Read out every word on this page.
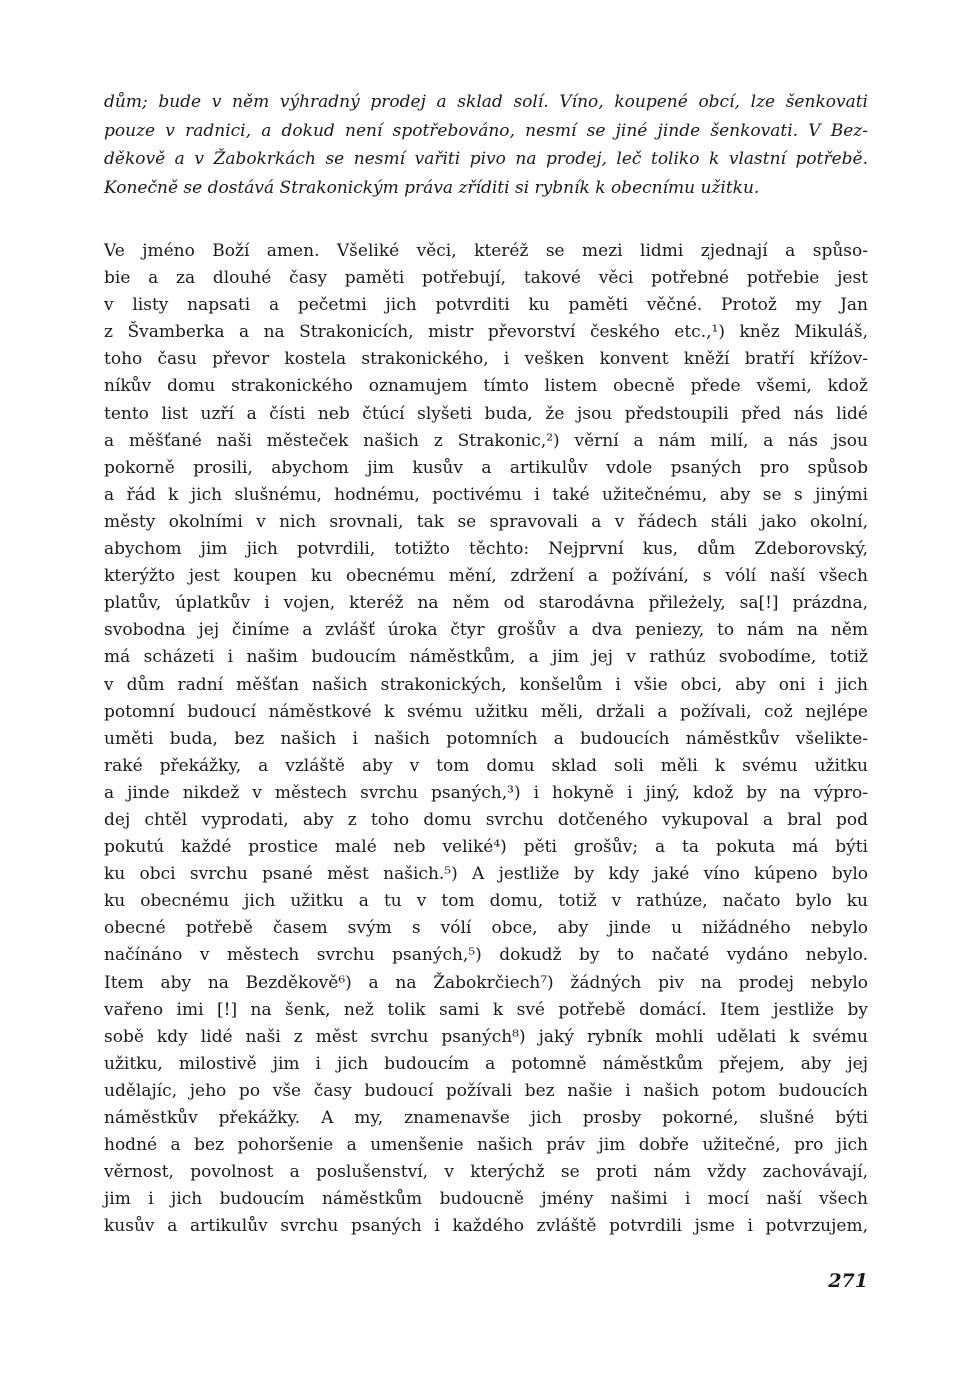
dům; bude v něm výhradný prodej a sklad solí. Víno, koupené obcí, lze šenkovati
pouze v radnici, a dokud není spotřebováno, nesmí se jiné jinde šenkovati. V Bez-
děkově a v Žabokrkách se nesmí vařiti pivo na prodej, leč toliko k vlastní potřebě.
Konečně se dostává Strakonickým práva zříditi si rybník k obecnímu užitku.
Ve jméno Boží amen. Všeliké věci, kteréž se mezi lidmi zjednají a spůso-
bie a za dlouhé časy paměti potřebují, takové věci potřebné potřebie jest
v listy napsati a pečetmi jich potvrditi ku paměti věčné. Protož my Jan
z Švamberka a na Strakonicích, mistr převorství českého etc.,¹) kněz Mikuláš,
toho času převor kostela strakonického, i vešken konvent kněží bratří křížov-
níkův domu strakonického oznamujem tímto listem obecně přede všemi, kdož
tento list uzří a čísti neb čtúcí slyšeti buda, že jsou předstoupili před nás lidé
a měšťané naši městeček našich z Strakonic,²) věrní a nám milí, a nás jsou
pokorně prosili, abychom jim kusův a artikulův vdole psaných pro spůsob
a řád k jich slušnému, hodnému, poctivému i také užitečnému, aby se s jinými
městy okolními v nich srovnali, tak se spravovali a v řádech stáli jako okolní,
abychom jim jich potvrdili, totižto těchto: Nejprvní kus, dům Zdeborovský,
kterýžto jest koupen ku obecnému mění, zdržení a požívání, s vólí naší všech
platův, úplatkův i vojen, kteréž na něm od starodávna přileżely, sa[!] prázdna,
svobodna jej činíme a zvlášť úroka čtyr grošův a dva peniezy, to nám na něm
má scházeti i našim budoucím náměstkům, a jim jej v rathúz svobodíme, totiž
v dům radní měšťan našich strakonických, konšelům i všie obci, aby oni i jich
potomní budoucí náměstkové k svému užitku měli, držali a požívali, což nejlépe
uměti buda, bez našich i našich potomních a budoucích náměstkův všelikte-
raké překážky, a vzláště aby v tom domu sklad soli měli k svému užitku
a jinde nikdež v městech svrchu psaných,³) i hokyně i jiný, kdož by na výpro-
dej chtěl vyprodati, aby z toho domu svrchu dotčeného vykupoval a bral pod
pokutú každé prostice malé neb veliké⁴) pěti grošův; a ta pokuta má býti
ku obci svrchu psané měst našich.⁵) A jestliže by kdy jaké víno kúpeno bylo
ku obecnému jich užitku a tu v tom domu, totiž v rathúze, načato bylo ku
obecné potřebě časem svým s vólí obce, aby jinde u nižádného nebylo
načínáno v městech svrchu psaných,⁵) dokudž by to načaté vydáno nebylo.
Item aby na Bezděkově⁶) a na Žabokrčiech⁷) žádných piv na prodej nebylo
vařeno imi [!] na šenk, než tolik sami k své potřebě domácí. Item jestliže by
sobě kdy lidé naši z měst svrchu psaných⁸) jaký rybník mohli udělati k svému
užitku, milostivě jim i jich budoucím a potomně náměstkům přejem, aby jej
udělajíc, jeho po vše časy budoucí požívali bez našie i našich potom budoucích
náměstkův překážky. A my, znamenavše jich prosby pokorné, slušné býti
hodné a bez pohoršenie a umenšenie našich práv jim dobře užitečné, pro jich
věrnost, povolnost a poslušenství, v kterýchž se proti nám vždy zachovávají,
jim i jich budoucím náměstkům budoucně jmény našimi i mocí naší všech
kusův a artikulův svrchu psaných i každého zvláště potvrdili jsme i potvrzujem,
271
